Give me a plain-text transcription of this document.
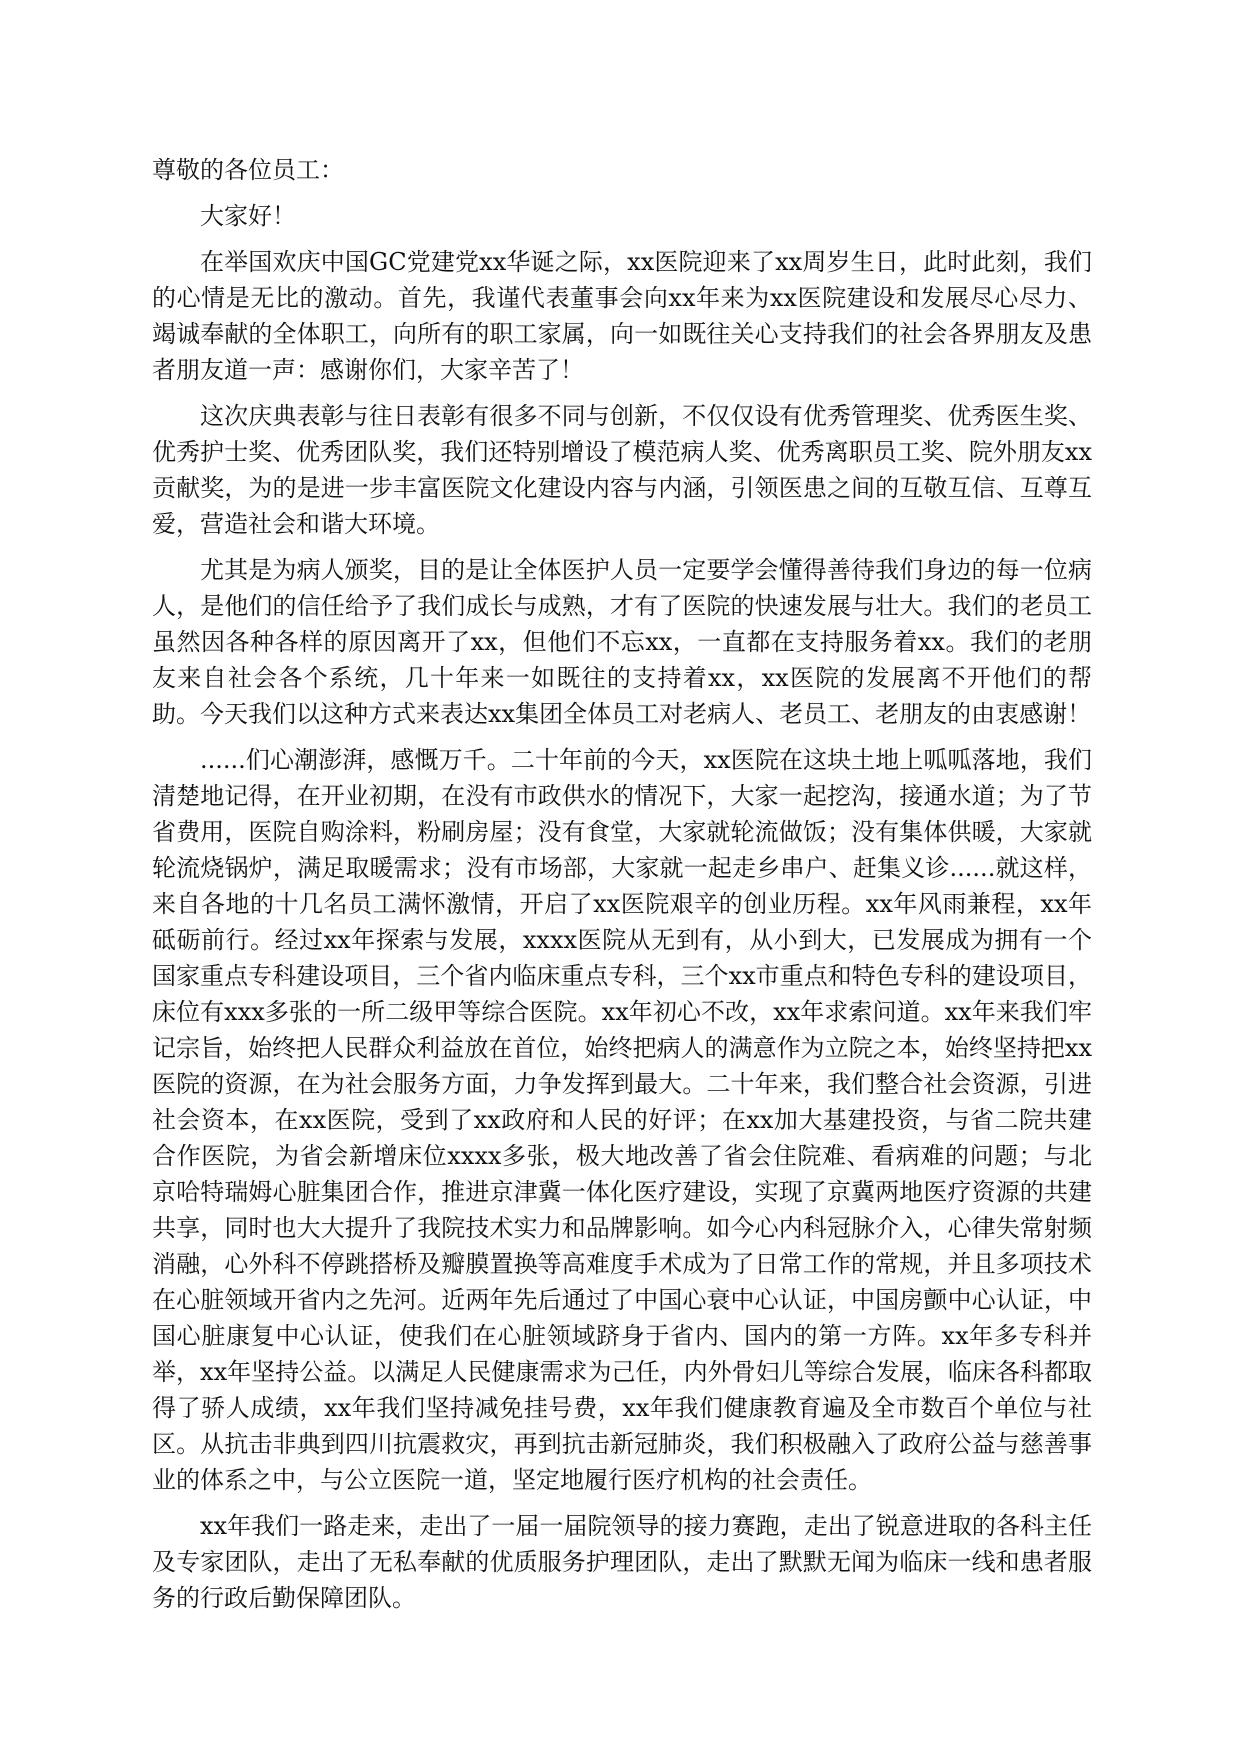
尊敬的各位员工：

大家好！

在举国欢庆中国GC党建党xx华诞之际，xx医院迎来了xx周岁生日，此时此刻，我们的心情是无比的激动。首先，我谨代表董事会向xx年来为xx医院建设和发展尽心尽力、竭诚奉献的全体职工，向所有的职工家属，向一如既往关心支持我们的社会各界朋友及患者朋友道一声：感谢你们，大家辛苦了！

这次庆典表彰与往日表彰有很多不同与创新，不仅仅设有优秀管理奖、优秀医生奖、优秀护士奖、优秀团队奖，我们还特别增设了模范病人奖、优秀离职员工奖、院外朋友xx贡献奖，为的是进一步丰富医院文化建设内容与内涵，引领医患之间的互敬互信、互尊互爱，营造社会和谐大环境。

尤其是为病人颁奖，目的是让全体医护人员一定要学会懂得善待我们身边的每一位病人，是他们的信任给予了我们成长与成熟，才有了医院的快速发展与壮大。我们的老员工虽然因各种各样的原因离开了xx，但他们不忘xx，一直都在支持服务着xx。我们的老朋友来自社会各个系统，几十年来一如既往的支持着xx，xx医院的发展离不开他们的帮助。今天我们以这种方式来表达xx集团全体员工对老病人、老员工、老朋友的由衷感谢！

......们心潮澎湃，感慨万千。二十年前的今天，xx医院在这块土地上呱呱落地，我们清楚地记得，在开业初期，在没有市政供水的情况下，大家一起挖沟，接通水道；为了节省费用，医院自购涂料，粉刷房屋；没有食堂，大家就轮流做饭；没有集体供暖，大家就轮流烧锅炉，满足取暖需求；没有市场部，大家就一起走乡串户、赶集义诊......就这样，来自各地的十几名员工满怀激情，开启了xx医院艰辛的创业历程。xx年风雨兼程，xx年砥砺前行。经过xx年探索与发展，xxxx医院从无到有，从小到大，已发展成为拥有一个国家重点专科建设项目，三个省内临床重点专科，三个xx市重点和特色专科的建设项目，床位有xxx多张的一所二级甲等综合医院。xx年初心不改，xx年求索问道。xx年来我们牢记宗旨，始终把人民群众利益放在首位，始终把病人的满意作为立院之本，始终坚持把xx医院的资源，在为社会服务方面，力争发挥到最大。二十年来，我们整合社会资源，引进社会资本，在xx医院，受到了xx政府和人民的好评；在xx加大基建投资，与省二院共建合作医院，为省会新增床位xxxx多张，极大地改善了省会住院难、看病难的问题；与北京哈特瑞姆心脏集团合作，推进京津冀一体化医疗建设，实现了京冀两地医疗资源的共建共享，同时也大大提升了我院技术实力和品牌影响。如今心内科冠脉介入，心律失常射频消融，心外科不停跳搭桥及瓣膜置换等高难度手术成为了日常工作的常规，并且多项技术在心脏领域开省内之先河。近两年先后通过了中国心衰中心认证，中国房颤中心认证，中国心脏康复中心认证，使我们在心脏领域跻身于省内、国内的第一方阵。xx年多专科并举，xx年坚持公益。以满足人民健康需求为己任，内外骨妇儿等综合发展，临床各科都取得了骄人成绩，xx年我们坚持减免挂号费，xx年我们健康教育遍及全市数百个单位与社区。从抗击非典到四川抗震救灾，再到抗击新冠肺炎，我们积极融入了政府公益与慈善事业的体系之中，与公立医院一道，坚定地履行医疗机构的社会责任。

xx年我们一路走来，走出了一届一届院领导的接力赛跑，走出了锐意进取的各科主任及专家团队，走出了无私奉献的优质服务护理团队，走出了默默无闻为临床一线和患者服务的行政后勤保障团队。
